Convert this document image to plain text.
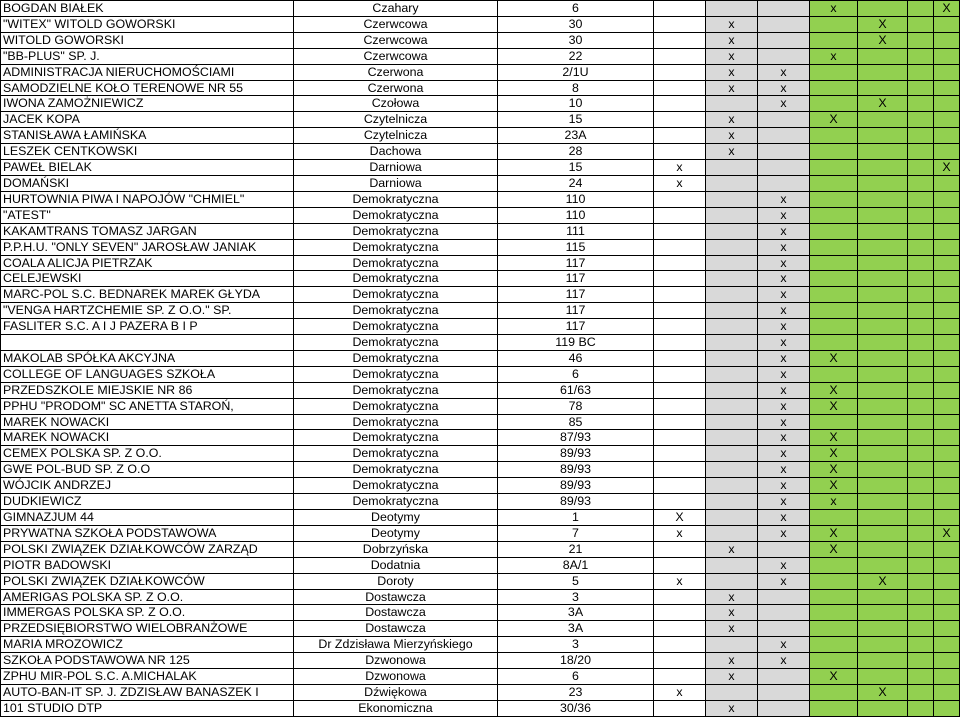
BOGDAN BIAŁEK	Czahary	6				x			X
"WITEX" WITOLD GOWORSKI	Czerwcowa	30		x			X		
WITOLD GOWORSKI	Czerwcowa	30		x			X		
"BB-PLUS" SP. J.	Czerwcowa	22		x		x			
ADMINISTRACJA NIERUCHOMOŚCIAMI	Czerwona	2/1U		x	x				
SAMODZIELNE KOŁO TERENOWE NR 55	Czerwona	8		x	x				
IWONA ZAMOŻNIEWICZ	Czołowa	10			x		X		
JACEK KOPA	Czytelnicza	15		x		X			
STANISŁAWA ŁAMIŃSKA	Czytelnicza	23A		x					
LESZEK CENTKOWSKI	Dachowa	28		x					
PAWEŁ BIELAK	Darniowa	15	x						X
DOMAŃSKI	Darniowa	24	x						
HURTOWNIA PIWA I NAPOJÓW "CHMIEL"	Demokratyczna	110			x				
"ATEST"	Demokratyczna	110			x				
KAKAMTRANS TOMASZ JARGAN	Demokratyczna	111			x				
P.P.H.U. "ONLY SEVEN" JAROSŁAW JANIAK	Demokratyczna	115			x				
COALA ALICJA PIETRZAK	Demokratyczna	117			x				
CELEJEWSKI	Demokratyczna	117			x				
MARC-POL S.C. BEDNAREK MAREK GŁYDA	Demokratyczna	117			x				
"VENGA HARTZCHEMIE SP. Z O.O." SP.	Demokratyczna	117			x				
FASLITER S.C. A I J PAZERA B I P	Demokratyczna	117			x				
	Demokratyczna	119 BC			x				
MAKOLAB SPÓŁKA AKCYJNA	Demokratyczna	46			x	X			
COLLEGE OF LANGUAGES SZKOŁA	Demokratyczna	6			x				
PRZEDSZKOLE MIEJSKIE NR 86	Demokratyczna	61/63			x	X			
PPHU "PRODOM" SC ANETTA STAROŃ,	Demokratyczna	78			x	X			
MAREK NOWACKI	Demokratyczna	85			x				
MAREK NOWACKI	Demokratyczna	87/93			x	X			
CEMEX POLSKA SP. Z O.O.	Demokratyczna	89/93			x	X			
GWE POL-BUD SP. Z O.O	Demokratyczna	89/93			x	X			
WÓJCIK ANDRZEJ	Demokratyczna	89/93			x	X			
DUDKIEWICZ	Demokratyczna	89/93			x	x			
GIMNAZJUM 44	Deotymy	1	X		x				
PRYWATNA SZKOŁA PODSTAWOWA	Deotymy	7	x		x	X			X
POLSKI ZWIĄZEK DZIAŁKOWCÓW ZARZĄD	Dobrzyńska	21		x		X			
PIOTR BADOWSKI	Dodatnia	8A/1			x				
POLSKI ZWIĄZEK DZIAŁKOWCÓW	Doroty	5	x		x		X		
AMERIGAS POLSKA SP. Z O.O.	Dostawcza	3		x					
IMMERGAS POLSKA SP. Z O.O.	Dostawcza	3A		x					
PRZEDSIĘBIORSTWO WIELOBRANŻOWE	Dostawcza	3A		x					
MARIA MROZOWICZ	Dr Zdzisława Mierzyńskiego	3			x				
SZKOŁA PODSTAWOWA NR 125	Dzwonowa	18/20		x	x				
ZPHU MIR-POL S.C. A.MICHALAK	Dzwonowa	6		x		X			
AUTO-BAN-IT SP. J. ZDZISŁAW BANASZEK I	Dźwiękowa	23	x				X		
101 STUDIO DTP	Ekonomiczna	30/36		x					
